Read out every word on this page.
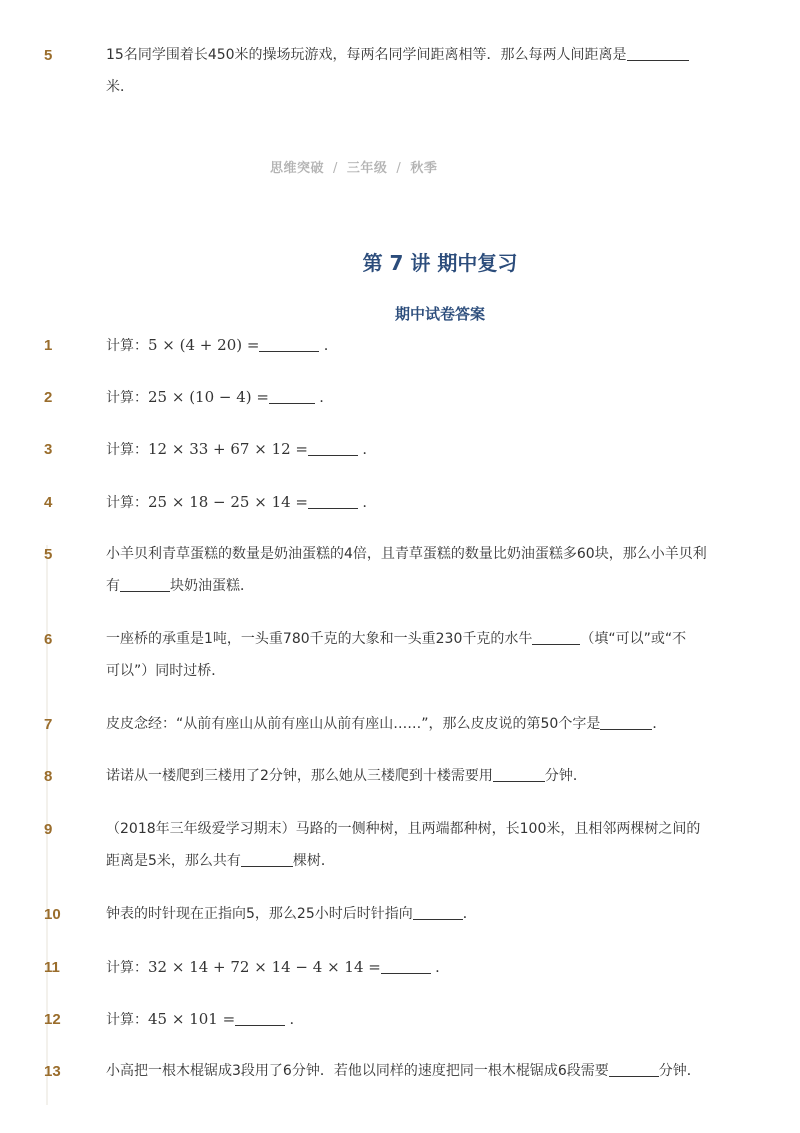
5	15名同学围着长450米的操场玩游戏，每两名同学间距离相等．那么每两人间距离是
米．
思维突破 / 三年级 / 秋季
第 7 讲 期中复习
期中试卷答案
1	计算：5 × (4 + 20) =	．
2	计算：25 × (10 − 4) =	．
3	计算：12 × 33 + 67 × 12 =	．
4	计算：25 × 18 − 25 × 14 =	．
5	小羊贝利青草蛋糕的数量是奶油蛋糕的4倍，且青草蛋糕的数量比奶油蛋糕多60块，那么小羊贝利
有	块奶油蛋糕．
6	一座桥的承重是1吨，一头重780千克的大象和一头重230千克的水牛	（填“可以”或“不
可以”）同时过桥．
7	皮皮念经：“从前有座山从前有座山从前有座山……”，那么皮皮说的第50个字是	．
8	诺诺从一楼爬到三楼用了2分钟，那么她从三楼爬到十楼需要用	分钟．
9	（2018年三年级爱学习期末）马路的一侧种树，且两端都种树，长100米，且相邻两棵树之间的
距离是5米，那么共有	棵树．
10	钟表的时针现在正指向5，那么25小时后时针指向	．
11	计算：32 × 14 + 72 × 14 − 4 × 14 =	．
12	计算：45 × 101 =	．
13	小高把一根木棍锯成3段用了6分钟．若他以同样的速度把同一根木棍锯成6段需要	分钟．
